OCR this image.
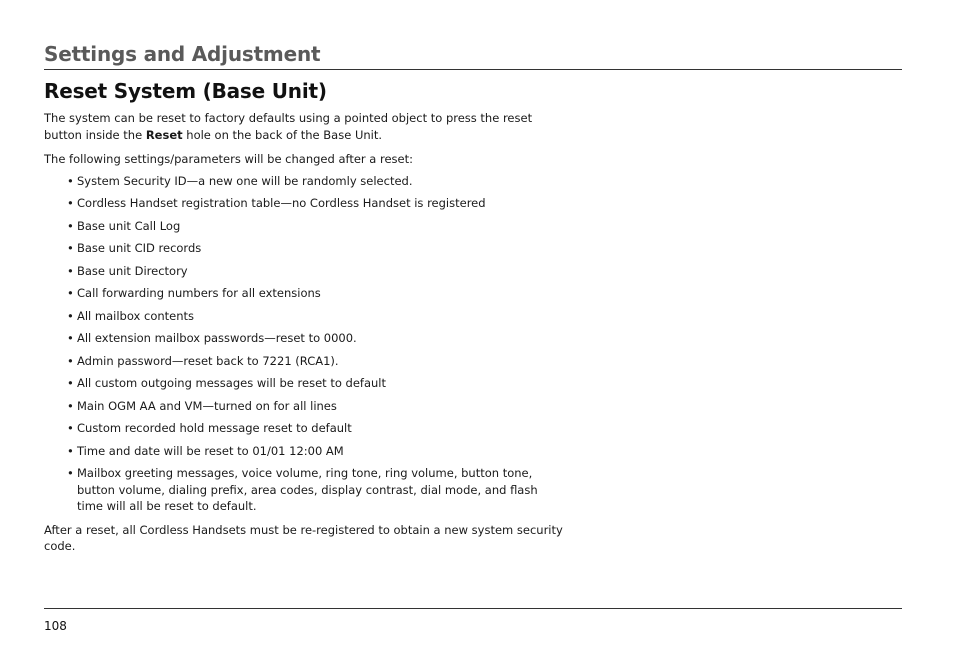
Settings and Adjustment
Reset System (Base Unit)

The system can be reset to factory defaults using a pointed object to press the reset button inside the Reset hole on the back of the Base Unit.

The following settings/parameters will be changed after a reset:

• System Security ID—a new one will be randomly selected.
• Cordless Handset registration table—no Cordless Handset is registered
• Base unit Call Log
• Base unit CID records
• Base unit Directory
• Call forwarding numbers for all extensions
• All mailbox contents
• All extension mailbox passwords—reset to 0000.
• Admin password—reset back to 7221 (RCA1).
• All custom outgoing messages will be reset to default
• Main OGM AA and VM—turned on for all lines
• Custom recorded hold message reset to default
• Time and date will be reset to 01/01 12:00 AM
• Mailbox greeting messages, voice volume, ring tone, ring volume, button tone, button volume, dialing prefix, area codes, display contrast, dial mode, and flash time will all be reset to default.

After a reset, all Cordless Handsets must be re-registered to obtain a new system security code.

108
